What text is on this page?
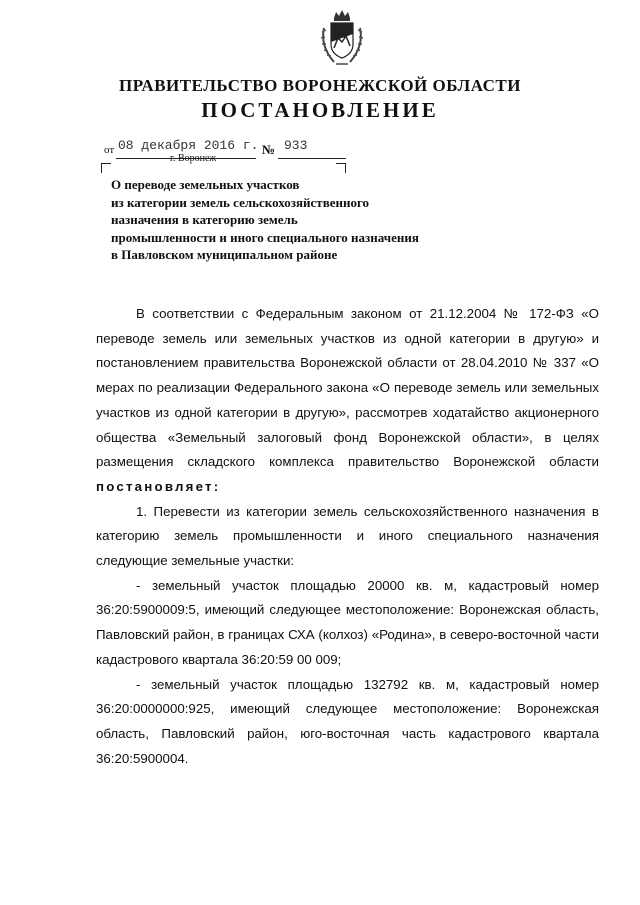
ПРАВИТЕЛЬСТВО ВОРОНЕЖСКОЙ ОБЛАСТИ
ПОСТАНОВЛЕНИЕ
от 08 декабря 2016 г. № 933
г. Воронеж
О переводе земельных участков
из категории земель сельскохозяйственного
назначения в категорию земель
промышленности и иного специального назначения
в Павловском муниципальном районе

В соответствии с Федеральным законом от 21.12.2004 № 172-ФЗ «О переводе земель или земельных участков из одной категории в другую» и постановлением правительства Воронежской области от 28.04.2010 № 337 «О мерах по реализации Федерального закона «О переводе земель или земельных участков из одной категории в другую», рассмотрев ходатайство акционерного общества «Земельный залоговый фонд Воронежской области», в целях размещения складского комплекса правительство Воронежской области постановляет:

1. Перевести из категории земель сельскохозяйственного назначения в категорию земель промышленности и иного специального назначения следующие земельные участки:

- земельный участок площадью 20000 кв. м, кадастровый номер 36:20:5900009:5, имеющий следующее местоположение: Воронежская область, Павловский район, в границах СХА (колхоз) «Родина», в северо-восточной части кадастрового квартала 36:20:59 00 009;

- земельный участок площадью 132792 кв. м, кадастровый номер 36:20:0000000:925, имеющий следующее местоположение: Воронежская область, Павловский район, юго-восточная часть кадастрового квартала 36:20:5900004.
